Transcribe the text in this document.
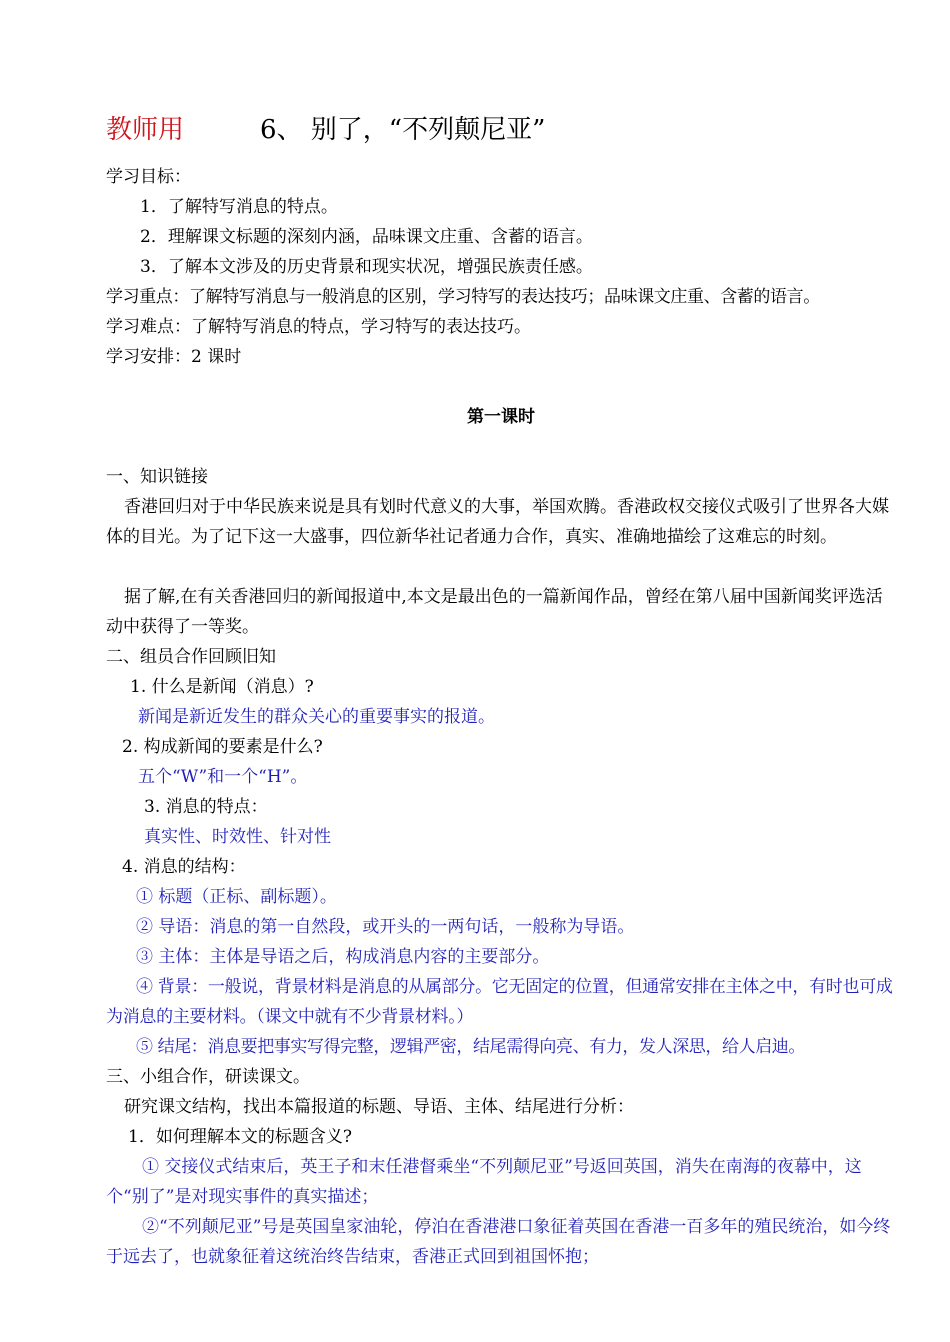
教师用	6、 别了，“不列颠尼亚”
学习目标：
1．了解特写消息的特点。
2．理解课文标题的深刻内涵，品味课文庄重、含蓄的语言。
3．了解本文涉及的历史背景和现实状况，增强民族责任感。
学习重点：了解特写消息与一般消息的区别，学习特写的表达技巧；品味课文庄重、含蓄的语言。
学习难点：了解特写消息的特点，学习特写的表达技巧。
学习安排：2 课时
第一课时
一、知识链接
香港回归对于中华民族来说是具有划时代意义的大事，举国欢腾。香港政权交接仪式吸引了世界各大媒体的目光。为了记下这一大盛事，四位新华社记者通力合作，真实、准确地描绘了这难忘的时刻。
据了解,在有关香港回归的新闻报道中,本文是最出色的一篇新闻作品，曾经在第八届中国新闻奖评选活动中获得了一等奖。
二、组员合作回顾旧知
1. 什么是新闻（消息）?
新闻是新近发生的群众关心的重要事实的报道。
2. 构成新闻的要素是什么?
五个“W”和一个“H”。
3. 消息的特点：
真实性、时效性、针对性
4. 消息的结构：
① 标题（正标、副标题）。
② 导语：消息的第一自然段，或开头的一两句话，一般称为导语。
③ 主体：主体是导语之后，构成消息内容的主要部分。
④ 背景：一般说，背景材料是消息的从属部分。它无固定的位置，但通常安排在主体之中，有时也可成为消息的主要材料。（课文中就有不少背景材料。）
⑤ 结尾：消息要把事实写得完整，逻辑严密，结尾需得向亮、有力，发人深思，给人启迪。
三、小组合作，研读课文。
研究课文结构，找出本篇报道的标题、导语、主体、结尾进行分析：
1．如何理解本文的标题含义?
① 交接仪式结束后，英王子和末任港督乘坐“不列颠尼亚”号返回英国，消失在南海的夜幕中，这个“别了”是对现实事件的真实描述；
②“不列颠尼亚”号是英国皇家油轮，停泊在香港港口象征着英国在香港一百多年的殖民统治，如今终于远去了，也就象征着这统治终告结束，香港正式回到祖国怀抱；
